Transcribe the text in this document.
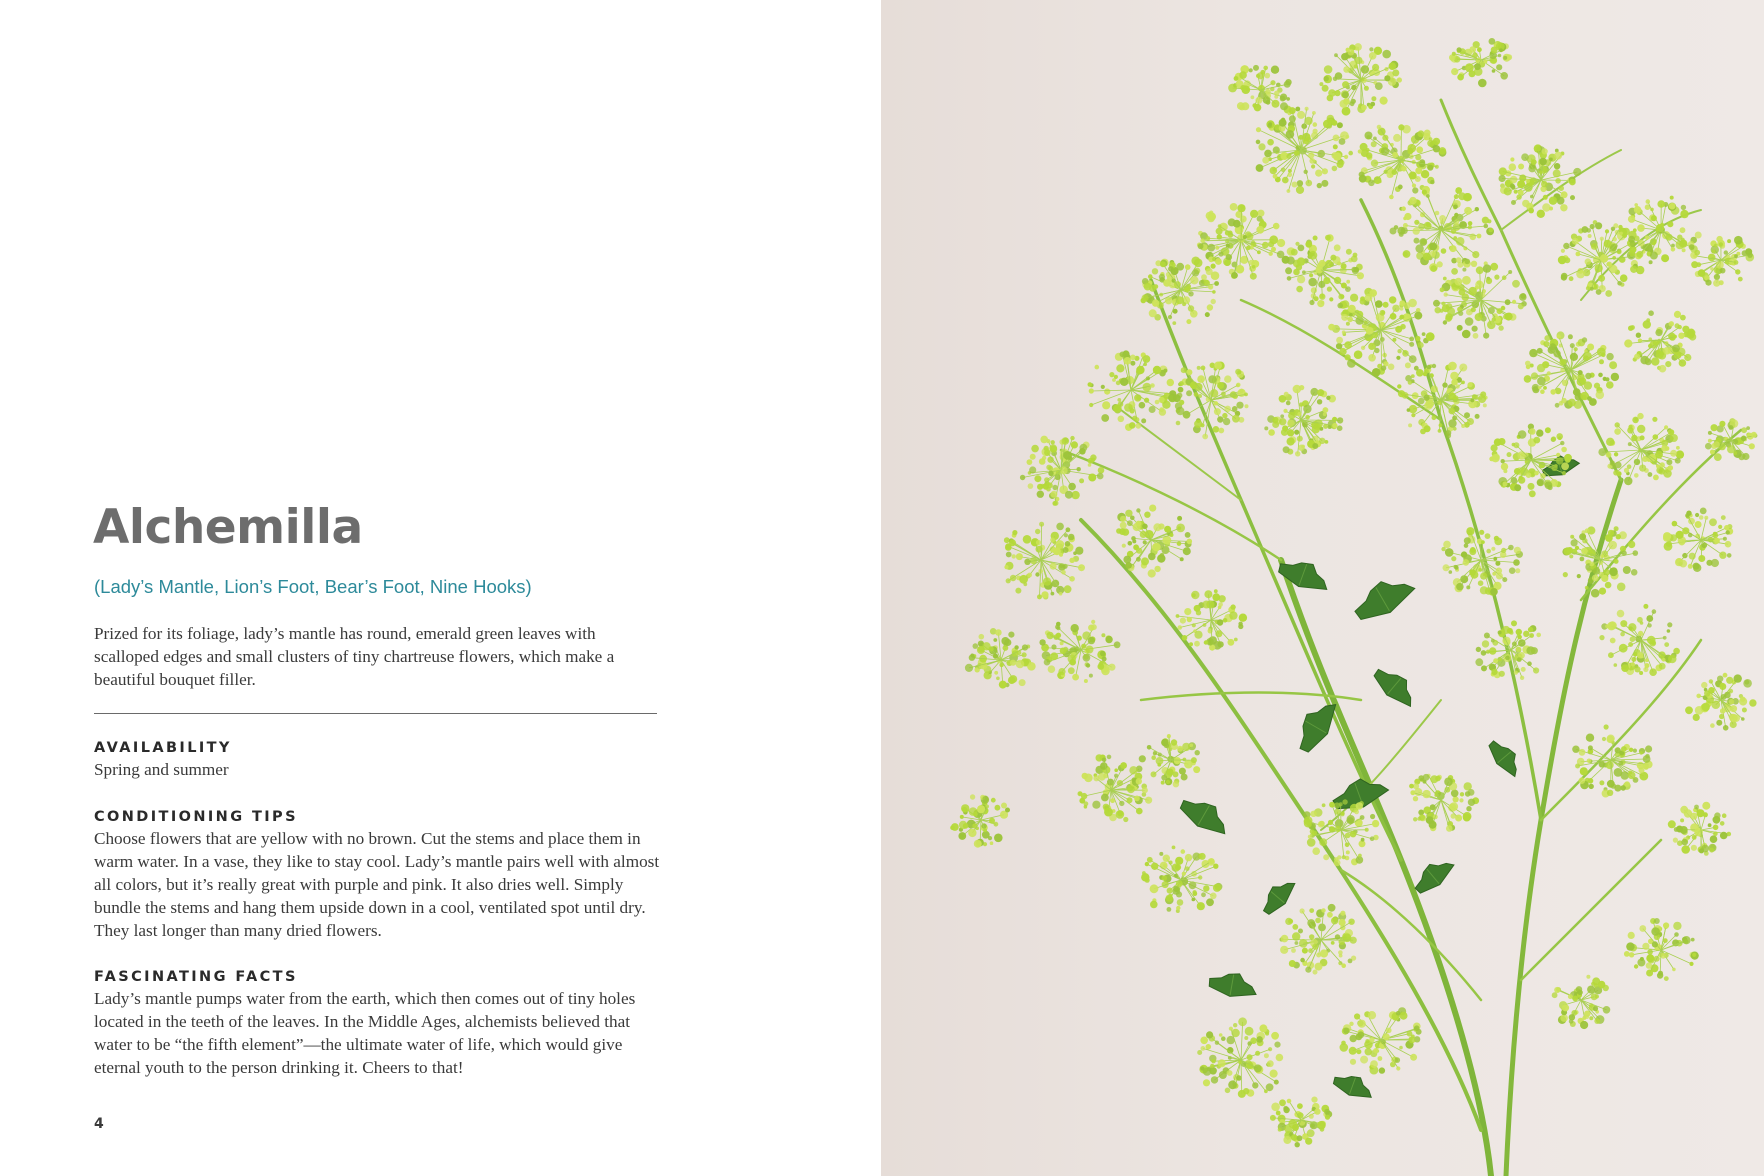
Alchemilla

(Lady’s Mantle, Lion’s Foot, Bear’s Foot, Nine Hooks)

Prized for its foliage, lady’s mantle has round, emerald green leaves with scalloped edges and small clusters of tiny chartreuse flowers, which make a beautiful bouquet filler.

AVAILABILITY

Spring and summer

CONDITIONING TIPS

Choose flowers that are yellow with no brown. Cut the stems and place them in warm water. In a vase, they like to stay cool. Lady’s mantle pairs well with almost all colors, but it’s really great with purple and pink. It also dries well. Simply bundle the stems and hang them upside down in a cool, ventilated spot until dry. They last longer than many dried flowers.

FASCINATING FACTS

Lady’s mantle pumps water from the earth, which then comes out of tiny holes located in the teeth of the leaves. In the Middle Ages, alchemists believed that water to be “the fifth element”—the ultimate water of life, which would give eternal youth to the person drinking it. Cheers to that!

4
